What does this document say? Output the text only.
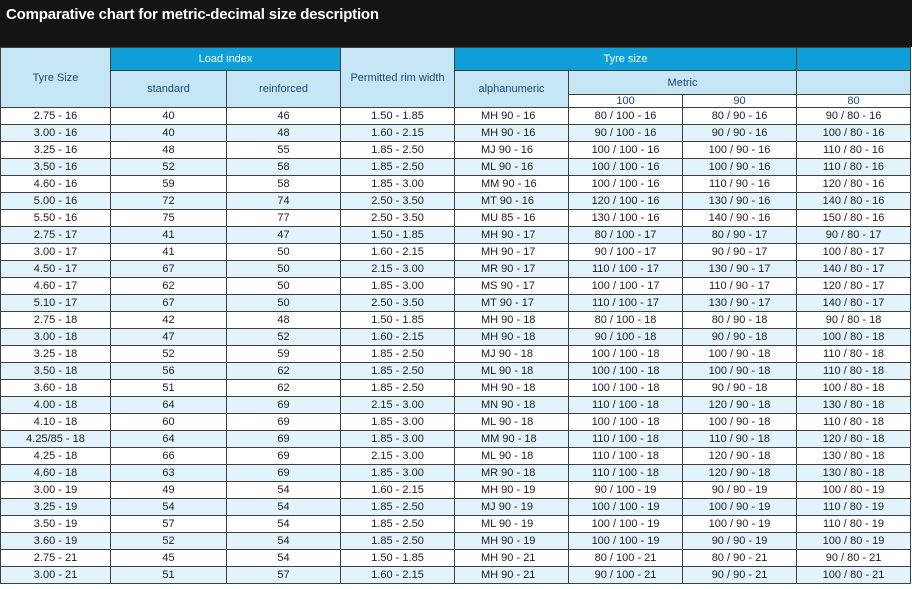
Comparative chart for metric-decimal size description
Tyre Size	Load index		Permitted rim width	Tyre size			
	standard	reinforced		alphanumeric	Metric		
					100	90	80
2.75 - 16	40	46	1.50 - 1.85	MH 90 - 16	80 / 100 - 16	80 / 90 - 16	90 / 80 - 16
3.00 - 16	40	48	1.60 - 2.15	MH 90 - 16	90 / 100 - 16	90 / 90 - 16	100 / 80 - 16
3.25 - 16	48	55	1.85 - 2.50	MJ 90 - 16	100 / 100 - 16	100 / 90 - 16	110 / 80 - 16
3.50 - 16	52	58	1.85 - 2.50	ML 90 - 16	100 / 100 - 16	100 / 90 - 16	110 / 80 - 16
4.60 - 16	59	58	1.85 - 3.00	MM 90 - 16	100 / 100 - 16	110 / 90 - 16	120 / 80 - 16
5.00 - 16	72	74	2.50 - 3.50	MT 90 - 16	120 / 100 - 16	130 / 90 - 16	140 / 80 - 16
5.50 - 16	75	77	2.50 - 3.50	MU 85 - 16	130 / 100 - 16	140 / 90 - 16	150 / 80 - 16
2.75 - 17	41	47	1.50 - 1.85	MH 90 - 17	80 / 100 - 17	80 / 90 - 17	90 / 80 - 17
3.00 - 17	41	50	1.60 - 2.15	MH 90 - 17	90 / 100 - 17	90 / 90 - 17	100 / 80 - 17
4.50 - 17	67	50	2.15 - 3.00	MR 90 - 17	110 / 100 - 17	130 / 90 - 17	140 / 80 - 17
4.60 - 17	62	50	1.85 - 3.00	MS 90 - 17	100 / 100 - 17	110 / 90 - 17	120 / 80 - 17
5.10 - 17	67	50	2.50 - 3.50	MT 90 - 17	110 / 100 - 17	130 / 90 - 17	140 / 80 - 17
2.75 - 18	42	48	1.50 - 1.85	MH 90 - 18	80 / 100 - 18	80 / 90 - 18	90 / 80 - 18
3.00 - 18	47	52	1.60 - 2.15	MH 90 - 18	90 / 100 - 18	90 / 90 - 18	100 / 80 - 18
3.25 - 18	52	59	1.85 - 2.50	MJ 90 - 18	100 / 100 - 18	100 / 90 - 18	110 / 80 - 18
3.50 - 18	56	62	1.85 - 2.50	ML 90 - 18	100 / 100 - 18	100 / 90 - 18	110 / 80 - 18
3.60 - 18	51	62	1.85 - 2.50	MH 90 - 18	100 / 100 - 18	90 / 90 - 18	100 / 80 - 18
4.00 - 18	64	69	2.15 - 3.00	MN 90 - 18	110 / 100 - 18	120 / 90 - 18	130 / 80 - 18
4.10 - 18	60	69	1.85 - 3.00	ML 90 - 18	100 / 100 - 18	100 / 90 - 18	110 / 80 - 18
4.25/85 - 18	64	69	1.85 - 3.00	MM 90 - 18	110 / 100 - 18	110 / 90 - 18	120 / 80 - 18
4.25 - 18	66	69	2.15 - 3.00	ML 90 - 18	110 / 100 - 18	120 / 90 - 18	130 / 80 - 18
4.60 - 18	63	69	1.85 - 3.00	MR 90 - 18	110 / 100 - 18	120 / 90 - 18	130 / 80 - 18
3.00 - 19	49	54	1.60 - 2.15	MH 90 - 19	90 / 100 - 19	90 / 90 - 19	100 / 80 - 19
3.25 - 19	54	54	1.85 - 2.50	MJ 90 - 19	100 / 100 - 19	100 / 90 - 19	110 / 80 - 19
3.50 - 19	57	54	1.85 - 2.50	ML 90 - 19	100 / 100 - 19	100 / 90 - 19	110 / 80 - 19
3.60 - 19	52	54	1.85 - 2.50	MH 90 - 19	100 / 100 - 19	90 / 90 - 19	100 / 80 - 19
2.75 - 21	45	54	1.50 - 1.85	MH 90 - 21	80 / 100 - 21	80 / 90 - 21	90 / 80 - 21
3.00 - 21	51	57	1.60 - 2.15	MH 90 - 21	90 / 100 - 21	90 / 90 - 21	100 / 80 - 21
